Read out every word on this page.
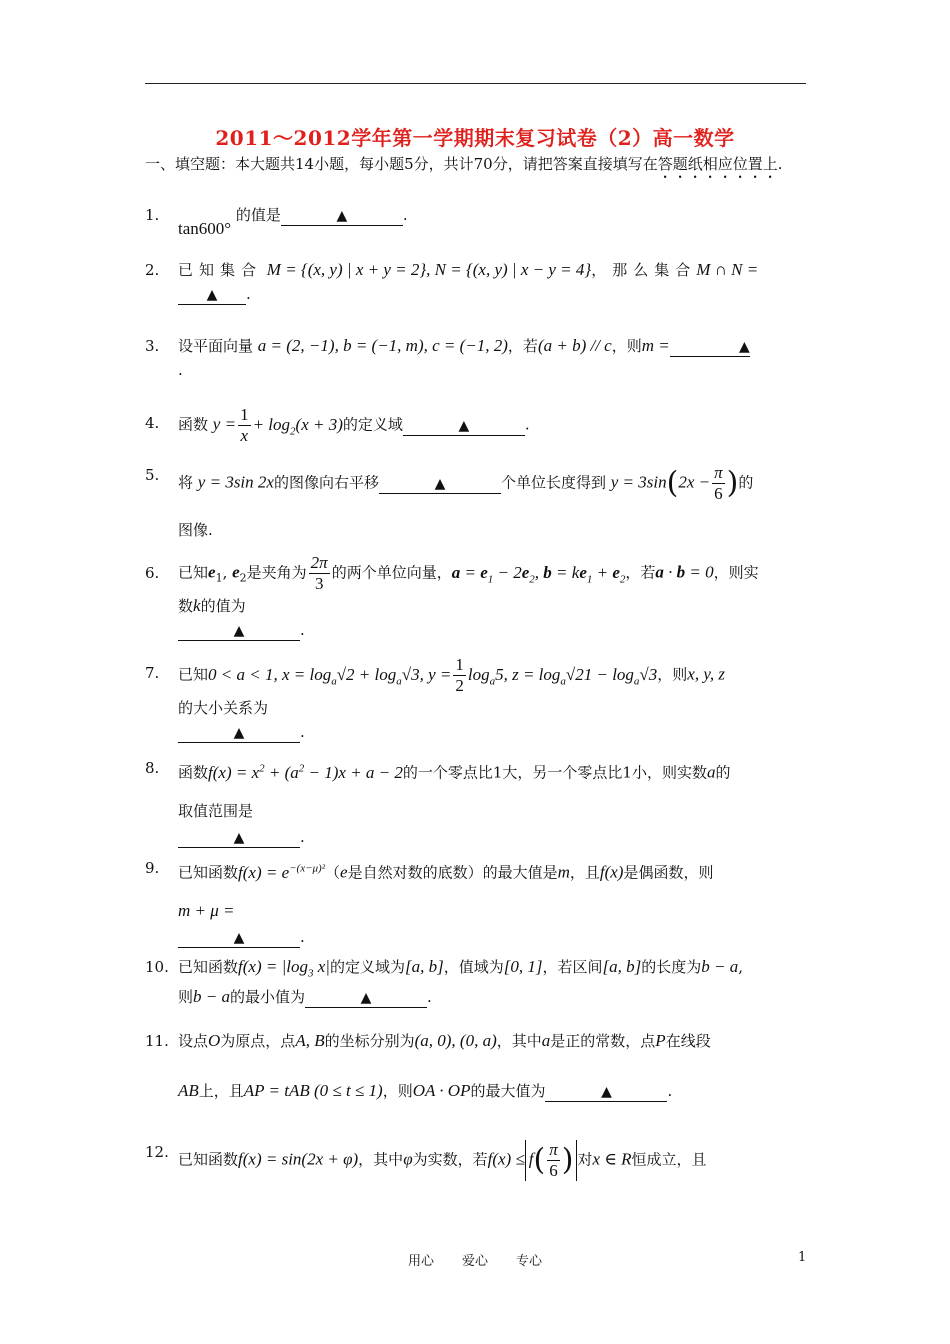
2011～2012学年第一学期期末复习试卷（2）高一数学
一、填空题：本大题共14小题，每小题5分，共计70分，请把答案直接填写在答题纸相应位置上.
1.
tan600° 的值是	▲	.
2.	已知集合 M = {(x, y) | x + y = 2}, N = {(x, y) | x − y = 4}，那么集合M ∩ N =
▲ .
3.	设平面向量 a = (2, −1), b = (−1, m), c = (−1, 2)，若(a + b) // c，则m =	▲
.
4.	函数 $y = \frac{1}{x} + \log_2(x + 3)$的定义域	▲	.
5.	将 y = 3sin 2x的图像向右平移	▲	个单位长度得到 $y = 3\sin(2x - \frac{\pi}{6}$ )的
图像.
6.	已知$e_1$, $e_2$是夹角为 $\frac{2\pi}{3}$ 的两个单位向量，$a = e_1 - 2e_2$, $b = ke_1 + e_2$，若a · b = 0，则实
数k的值为
▲	.
7.	已知0 < a < 1, $x = \log_a√2 + \log_a√3$, $y = \frac{1}{2} \log_a5$, $z = \log_a√21 - \log_a√3$，则x, y, z
的大小关系为
▲	.
8.	函数$f(x) = x^2 + (a^2 - 1)x + a - 2$的一个零点比1大，另一个零点比1小，则实数a的
取值范围是
▲	.
9.	已知函数$f(x) = e^{-(x-\mu)^2}(e$是自然对数的底数）的最大值是m，且f(x)是偶函数，则
m + μ =
▲	.
10. 已知函数$f(x) = |\log_3$ x|的定义域为[a, b]，值域为[0, 1]，若区间[a, b]的长度为b − a,
则b − a的最小值为	▲	.
11. 设点O为原点，点A, B的坐标分别为(a, 0), (0, a)，其中a是正的常数，点P在线段
AB上，且AP = tAB (0 ≤ t ≤ 1)，则OA · OP的最大值为	▲	.
12. 已知函数f(x) = sin(2x + φ)，其中φ为实数，若$f(x) \le f( \frac{\pi}{6}$ ) 对x ∈ R恒成立，且
用心 爱心 专心	1
